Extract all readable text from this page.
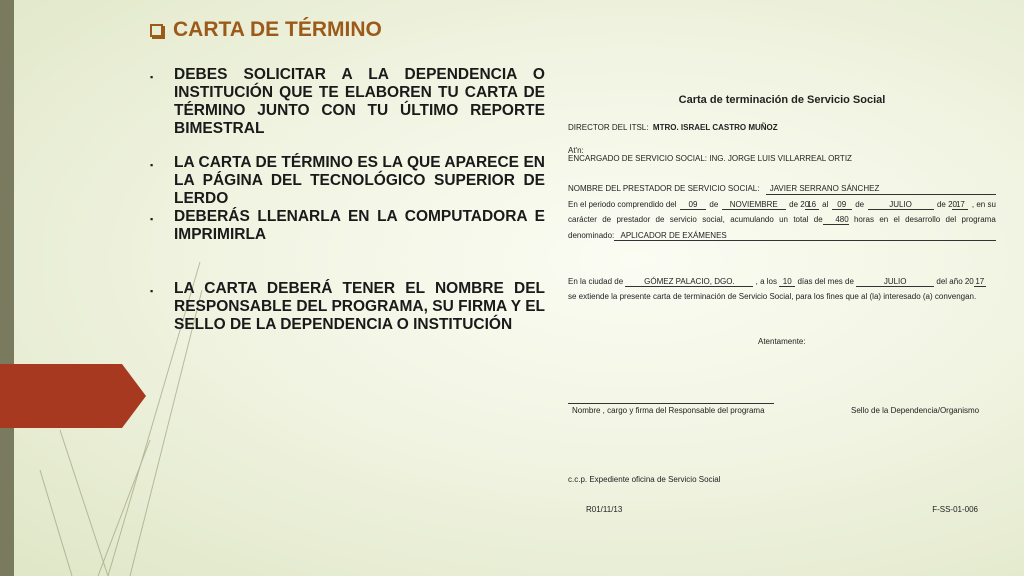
CARTA DE TÉRMINO
▪	DEBES SOLICITAR A LA DEPENDENCIA O INSTITUCIÓN QUE TE ELABOREN TU CARTA DE TÉRMINO JUNTO CON TU ÚLTIMO REPORTE BIMESTRAL
▪	LA CARTA DE TÉRMINO ES LA QUE APARECE EN LA PÁGINA DEL TECNOLÓGICO SUPERIOR DE LERDO
▪	DEBERÁS LLENARLA EN LA COMPUTADORA E IMPRIMIRLA
▪	LA CARTA DEBERÁ TENER EL NOMBRE DEL RESPONSABLE DEL PROGRAMA, SU FIRMA Y EL SELLO DE LA DEPENDENCIA O INSTITUCIÓN
Carta de terminación de Servicio Social
DIRECTOR DEL ITSL: MTRO. ISRAEL CASTRO MUÑOZ
At'n:
ENCARGADO DE SERVICIO SOCIAL: ING. JORGE LUIS VILLARREAL ORTIZ
NOMBRE DEL PRESTADOR DE SERVICIO SOCIAL: JAVIER SERRANO SÁNCHEZ
En el periodo comprendido del	09	de	NOVIEMBRE	de 20
16 al	09	de	JULIO	de 20
17 , en su
carácter de prestador de servicio social, acumulando un total de 480 horas en el desarrollo del programa
denominado: APLICADOR DE EXÁMENES
En la ciudad de	GÓMEZ PALACIO, DGO.	, a los 10 días del mes de	JULIO	del año 20 17
se extiende la presente carta de terminación de Servicio Social, para los fines que al (la) interesado (a) convengan.
Atentamente:
Nombre , cargo y firma del Responsable del programa	Sello de la Dependencia/Organismo
c.c.p. Expediente oficina de Servicio Social
R01/11/13	F-SS-01-006
